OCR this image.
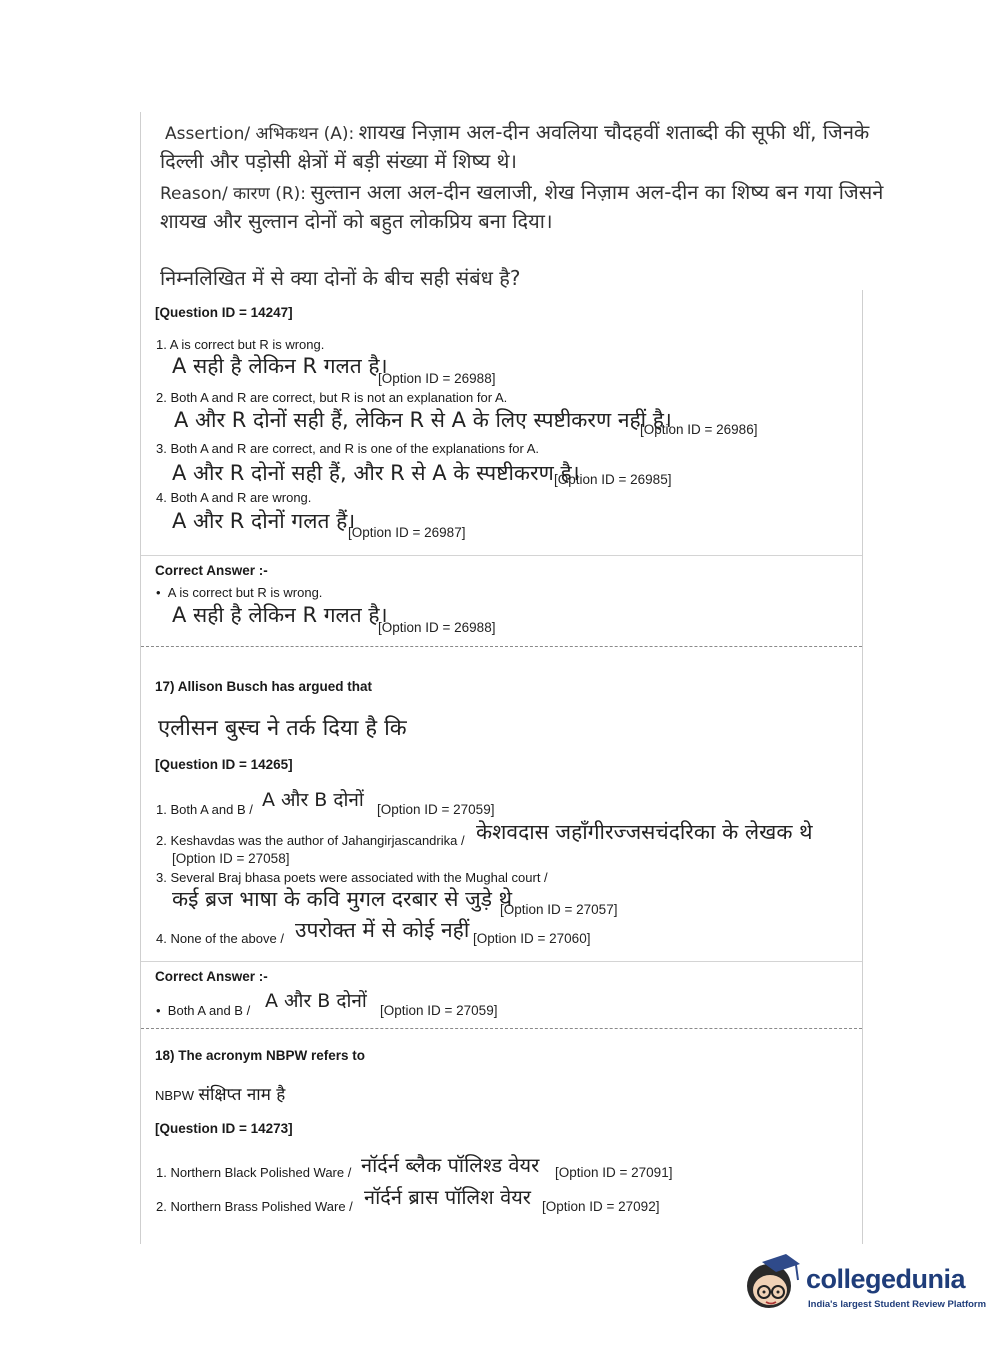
Assertion/ अभिकथन (A): शायख निज़ाम अल-दीन अवलिया चौदहवीं शताब्दी की सूफी थीं, जिनके
दिल्ली और पड़ोसी क्षेत्रों में बड़ी संख्या में शिष्य थे।
Reason/ कारण (R): सुल्तान अला अल-दीन खलाजी, शेख निज़ाम अल-दीन का शिष्य बन गया जिसने
शायख और सुल्तान दोनों को बहुत लोकप्रिय बना दिया।
निम्नलिखित में से क्या दोनों के बीच सही संबंध है?
[Question ID = 14247]
1. A is correct but R is wrong.
A सही है लेकिन R गलत है।
[Option ID = 26988]
2. Both A and R are correct, but R is not an explanation for A.
A और R दोनों सही हैं, लेकिन R से A के लिए स्पष्टीकरण नहीं है।
[Option ID = 26986]
3. Both A and R are correct, and R is one of the explanations for A.
A और R दोनों सही हैं, और R से A के स्पष्टीकरण है।
[Option ID = 26985]
4. Both A and R are wrong.
A और R दोनों गलत हैं।
[Option ID = 26987]
Correct Answer :-
• A is correct but R is wrong.
A सही है लेकिन R गलत है।
[Option ID = 26988]
17) Allison Busch has argued that
एलीसन बुस्च ने तर्क दिया है कि
[Question ID = 14265]
1. Both A and B / A और B दोनों [Option ID = 27059]
2. Keshavdas was the author of Jahangirjascandrika / केशवदास जहाँगीरज्जसचंदरिका के लेखक थे
[Option ID = 27058]
3. Several Braj bhasa poets were associated with the Mughal court /
कई ब्रज भाषा के कवि मुगल दरबार से जुड़े थे
[Option ID = 27057]
4. None of the above / उपरोक्त में से कोई नहीं [Option ID = 27060]
Correct Answer :-
• Both A and B / A और B दोनों [Option ID = 27059]
18) The acronym NBPW refers to
NBPW संक्षिप्त नाम है
[Question ID = 14273]
1. Northern Black Polished Ware / नॉर्दर्न ब्लैक पॉलिश्ड वेयर [Option ID = 27091]
2. Northern Brass Polished Ware / नॉर्दर्न ब्रास पॉलिश वेयर [Option ID = 27092]
collegedunia
India's largest Student Review Platform
